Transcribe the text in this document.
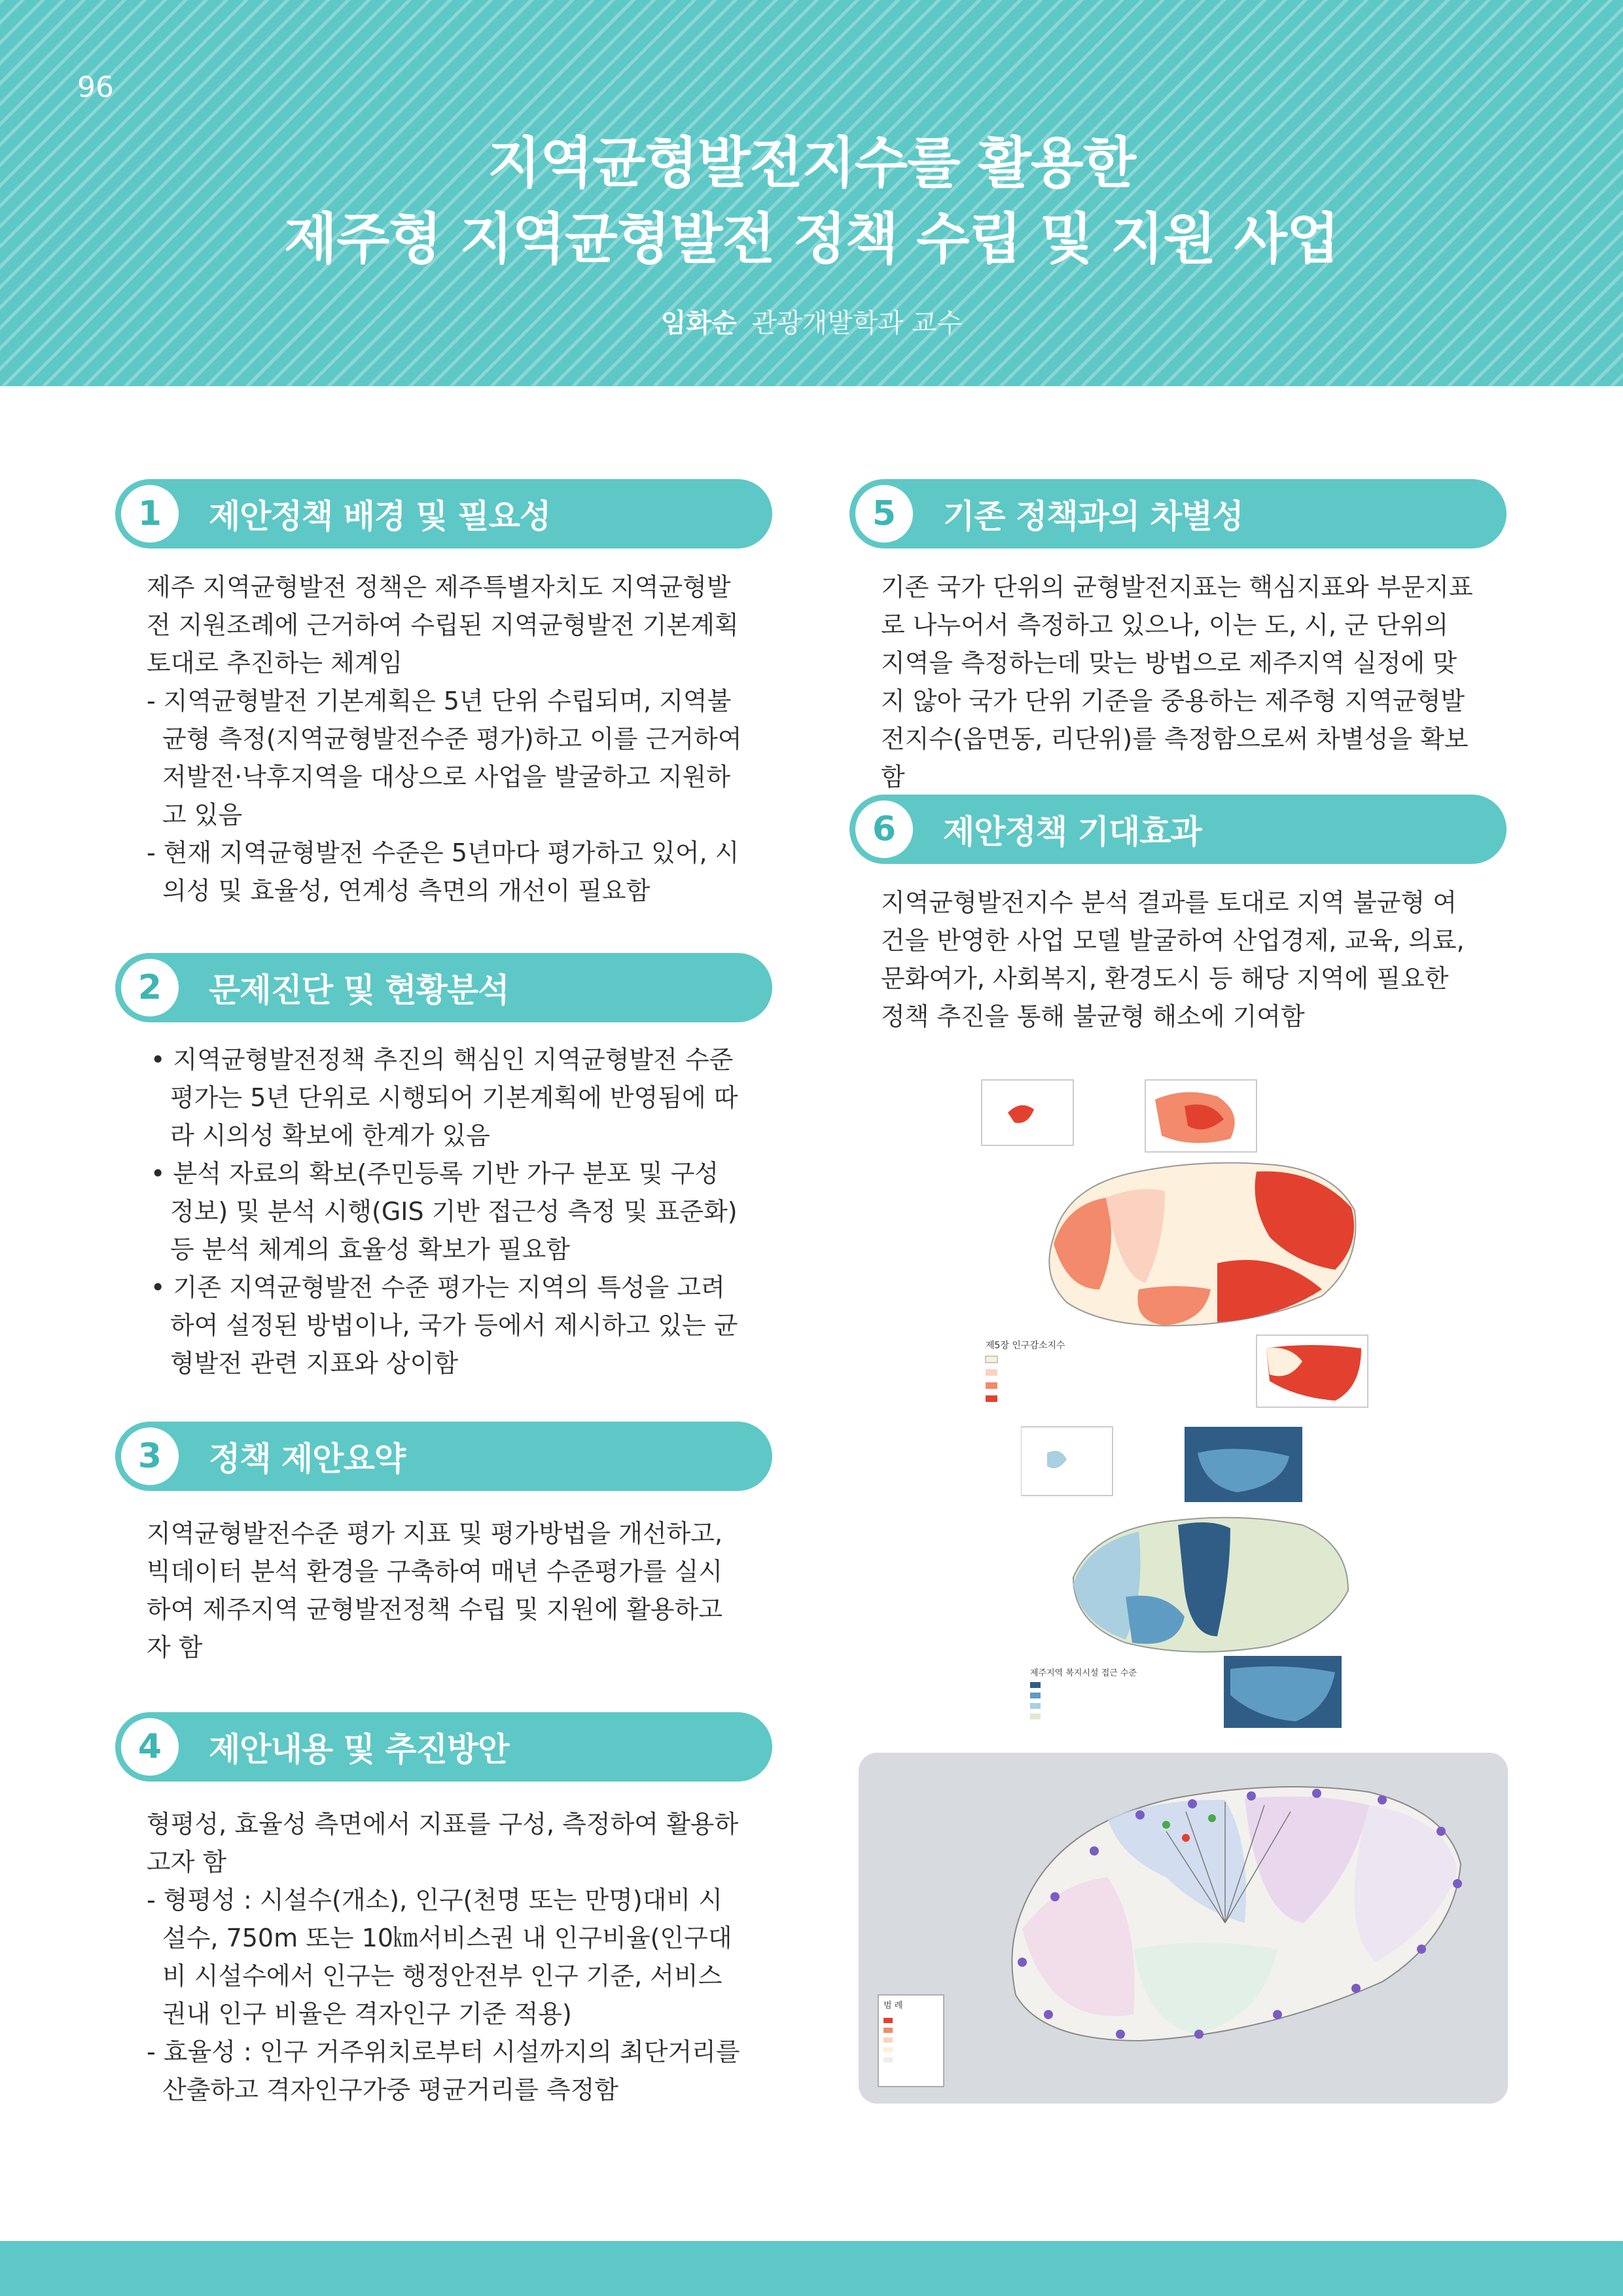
96
지역균형발전지수를 활용한
제주형 지역균형발전 정책 수립 및 지원 사업
임화순 관광개발학과 교수
1	제안정책 배경 및 필요성

제주 지역균형발전 정책은 제주특별자치도 지역균형발전 지원조례에 근거하여 수립된 지역균형발전 기본계획 토대로 추진하는 체계임

- 지역균형발전 기본계획은 5년 단위 수립되며, 지역불균형 측정(지역균형발전수준 평가)하고 이를 근거하여 저발전·낙후지역을 대상으로 사업을 발굴하고 지원하고 있음

- 현재 지역균형발전 수준은 5년마다 평가하고 있어, 시의성 및 효율성, 연계성 측면의 개선이 필요함

2	문제진단 및 현황분석

• 지역균형발전정책 추진의 핵심인 지역균형발전 수준 평가는 5년 단위로 시행되어 기본계획에 반영됨에 따라 시의성 확보에 한계가 있음

• 분석 자료의 확보(주민등록 기반 가구 분포 및 구성 정보) 및 분석 시행(GIS 기반 접근성 측정 및 표준화) 등 분석 체계의 효율성 확보가 필요함

• 기존 지역균형발전 수준 평가는 지역의 특성을 고려하여 설정된 방법이나, 국가 등에서 제시하고 있는 균형발전 관련 지표와 상이함

3	정책 제안요약

지역균형발전수준 평가 지표 및 평가방법을 개선하고, 빅데이터 분석 환경을 구축하여 매년 수준평가를 실시하여 제주지역 균형발전정책 수립 및 지원에 활용하고자 함

4	제안내용 및 추진방안

형평성, 효율성 측면에서 지표를 구성, 측정하여 활용하고자 함

- 형평성 : 시설수(개소), 인구(천명 또는 만명)대비 시설수, 750m 또는 10㎞서비스권 내 인구비율(인구대비 시설수에서 인구는 행정안전부 인구 기준, 서비스권내 인구 비율은 격자인구 기준 적용)

- 효율성 : 인구 거주위치로부터 시설까지의 최단거리를 산출하고 격자인구가중 평균거리를 측정함

5	기존 정책과의 차별성

기존 국가 단위의 균형발전지표는 핵심지표와 부문지표로 나누어서 측정하고 있으나, 이는 도, 시, 군 단위의 지역을 측정하는데 맞는 방법으로 제주지역 실정에 맞지 않아 국가 단위 기준을 중용하는 제주형 지역균형발전지수(읍면동, 리단위)를 측정함으로써 차별성을 확보함

6	제안정책 기대효과

지역균형발전지수 분석 결과를 토대로 지역 불균형 여건을 반영한 사업 모델 발굴하여 산업경제, 교육, 의료, 문화여가, 사회복지, 환경도시 등 해당 지역에 필요한 정책 추진을 통해 불균형 해소에 기여함

제5장 인구감소지수
제주지역 복지시설 접근 수준
범 례
